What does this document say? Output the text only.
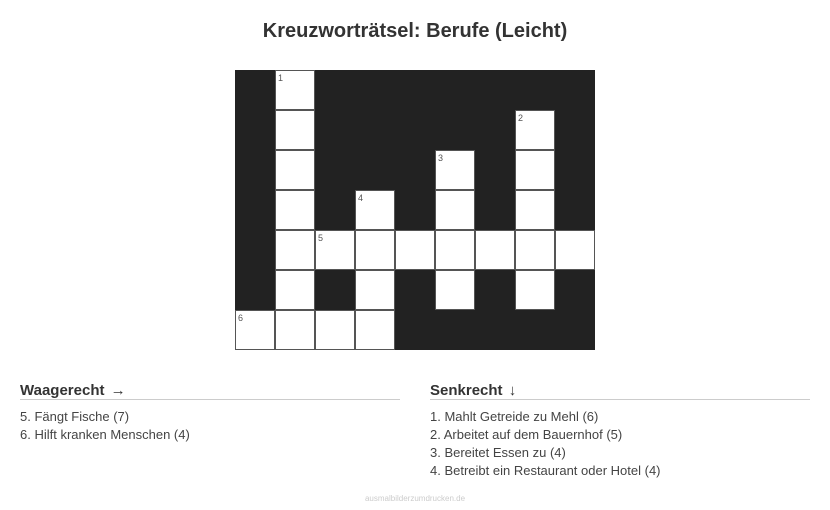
Kreuzworträtsel: Berufe (Leicht)
1
2
3
4
5
6
Waagerecht →
5. Fängt Fische (7)
6. Hilft kranken Menschen (4)
Senkrecht ↓
1. Mahlt Getreide zu Mehl (6)
2. Arbeitet auf dem Bauernhof (5)
3. Bereitet Essen zu (4)
4. Betreibt ein Restaurant oder Hotel (4)
ausmalbilderzumdrucken.de
